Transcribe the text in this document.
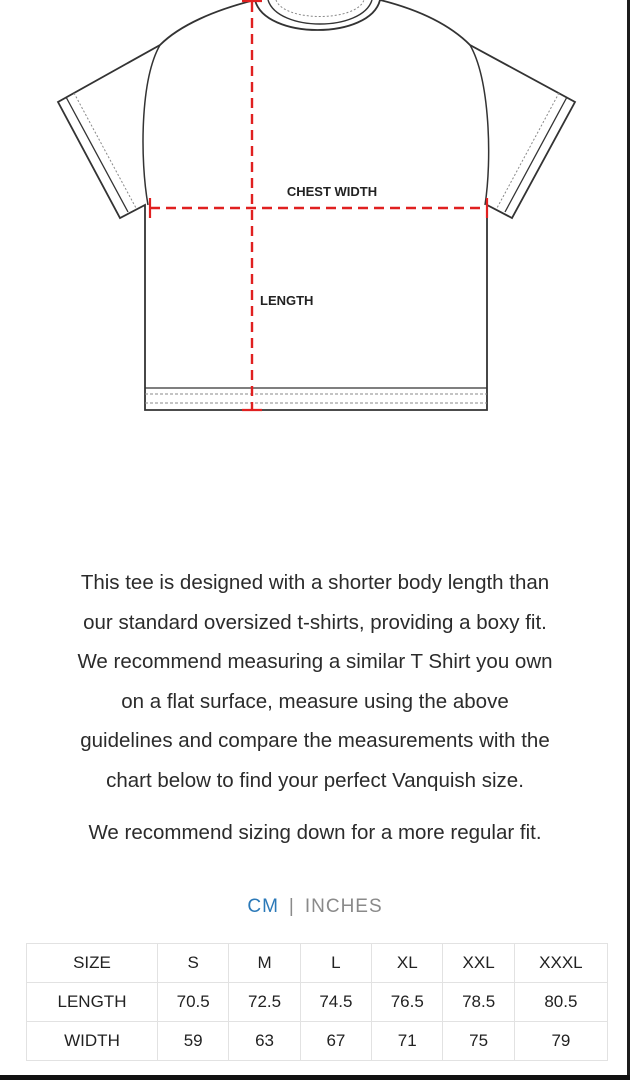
CHEST WIDTH
LENGTH
This tee is designed with a shorter body length than
our standard oversized t-shirts, providing a boxy fit.
We recommend measuring a similar T Shirt you own
on a flat surface, measure using the above
guidelines and compare the measurements with the
chart below to find your perfect Vanquish size.

We recommend sizing down for a more regular fit.

CM | INCHES
SIZE	S	M	L	XL	XXL	XXXL
LENGTH	70.5	72.5	74.5	76.5	78.5	80.5
WIDTH	59	63	67	71	75	79
